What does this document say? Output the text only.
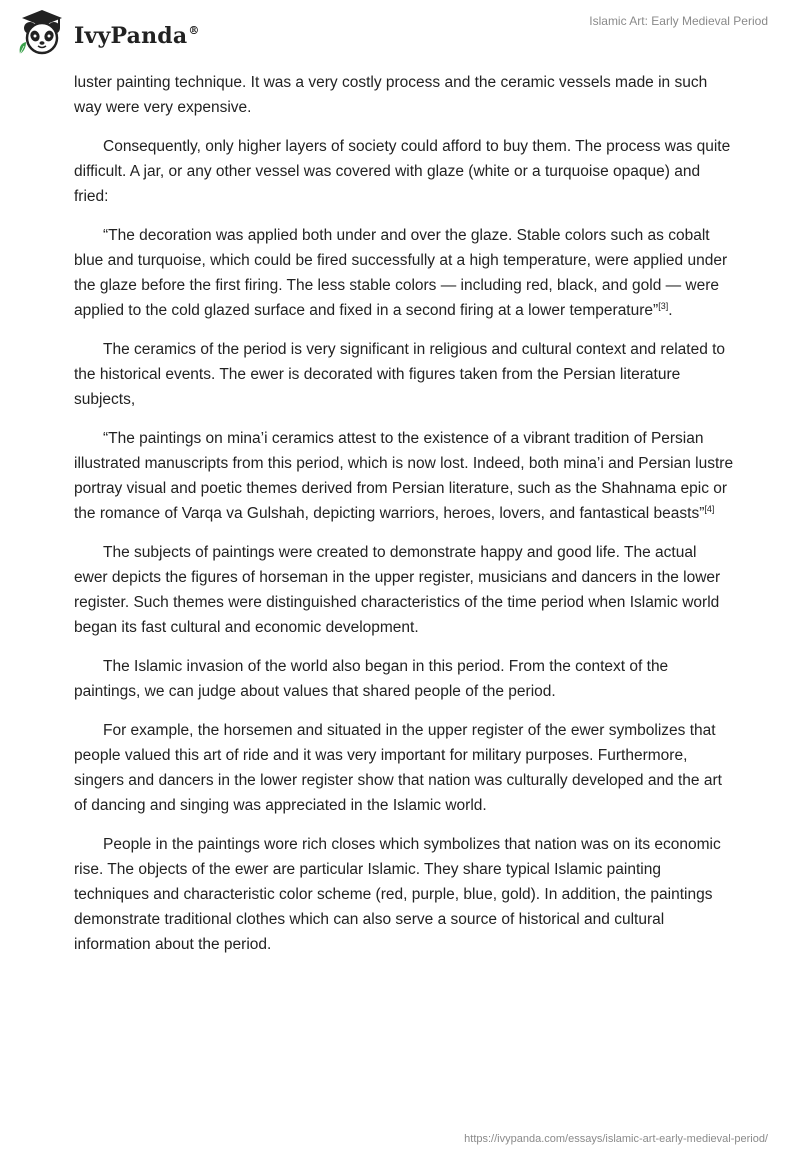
IvyPanda®
Islamic Art: Early Medieval Period

luster painting technique. It was a very costly process and the ceramic vessels made in such way were very expensive.

Consequently, only higher layers of society could afford to buy them. The process was quite difficult. A jar, or any other vessel was covered with glaze (white or a turquoise opaque) and fried:

“The decoration was applied both under and over the glaze. Stable colors such as cobalt blue and turquoise, which could be fired successfully at a high temperature, were applied under the glaze before the first firing. The less stable colors — including red, black, and gold — were applied to the cold glazed surface and fixed in a second firing at a lower temperature”[3].

The ceramics of the period is very significant in religious and cultural context and related to the historical events. The ewer is decorated with figures taken from the Persian literature subjects,

“The paintings on mina’i ceramics attest to the existence of a vibrant tradition of Persian illustrated manuscripts from this period, which is now lost. Indeed, both mina’i and Persian lustre portray visual and poetic themes derived from Persian literature, such as the Shahnama epic or the romance of Varqa va Gulshah, depicting warriors, heroes, lovers, and fantastical beasts”[4]

The subjects of paintings were created to demonstrate happy and good life. The actual ewer depicts the figures of horseman in the upper register, musicians and dancers in the lower register. Such themes were distinguished characteristics of the time period when Islamic world began its fast cultural and economic development.

The Islamic invasion of the world also began in this period. From the context of the paintings, we can judge about values that shared people of the period.

For example, the horsemen and situated in the upper register of the ewer symbolizes that people valued this art of ride and it was very important for military purposes. Furthermore, singers and dancers in the lower register show that nation was culturally developed and the art of dancing and singing was appreciated in the Islamic world.

People in the paintings wore rich closes which symbolizes that nation was on its economic rise. The objects of the ewer are particular Islamic. They share typical Islamic painting techniques and characteristic color scheme (red, purple, blue, gold). In addition, the paintings demonstrate traditional clothes which can also serve a source of historical and cultural information about the period.

https://ivypanda.com/essays/islamic-art-early-medieval-period/
